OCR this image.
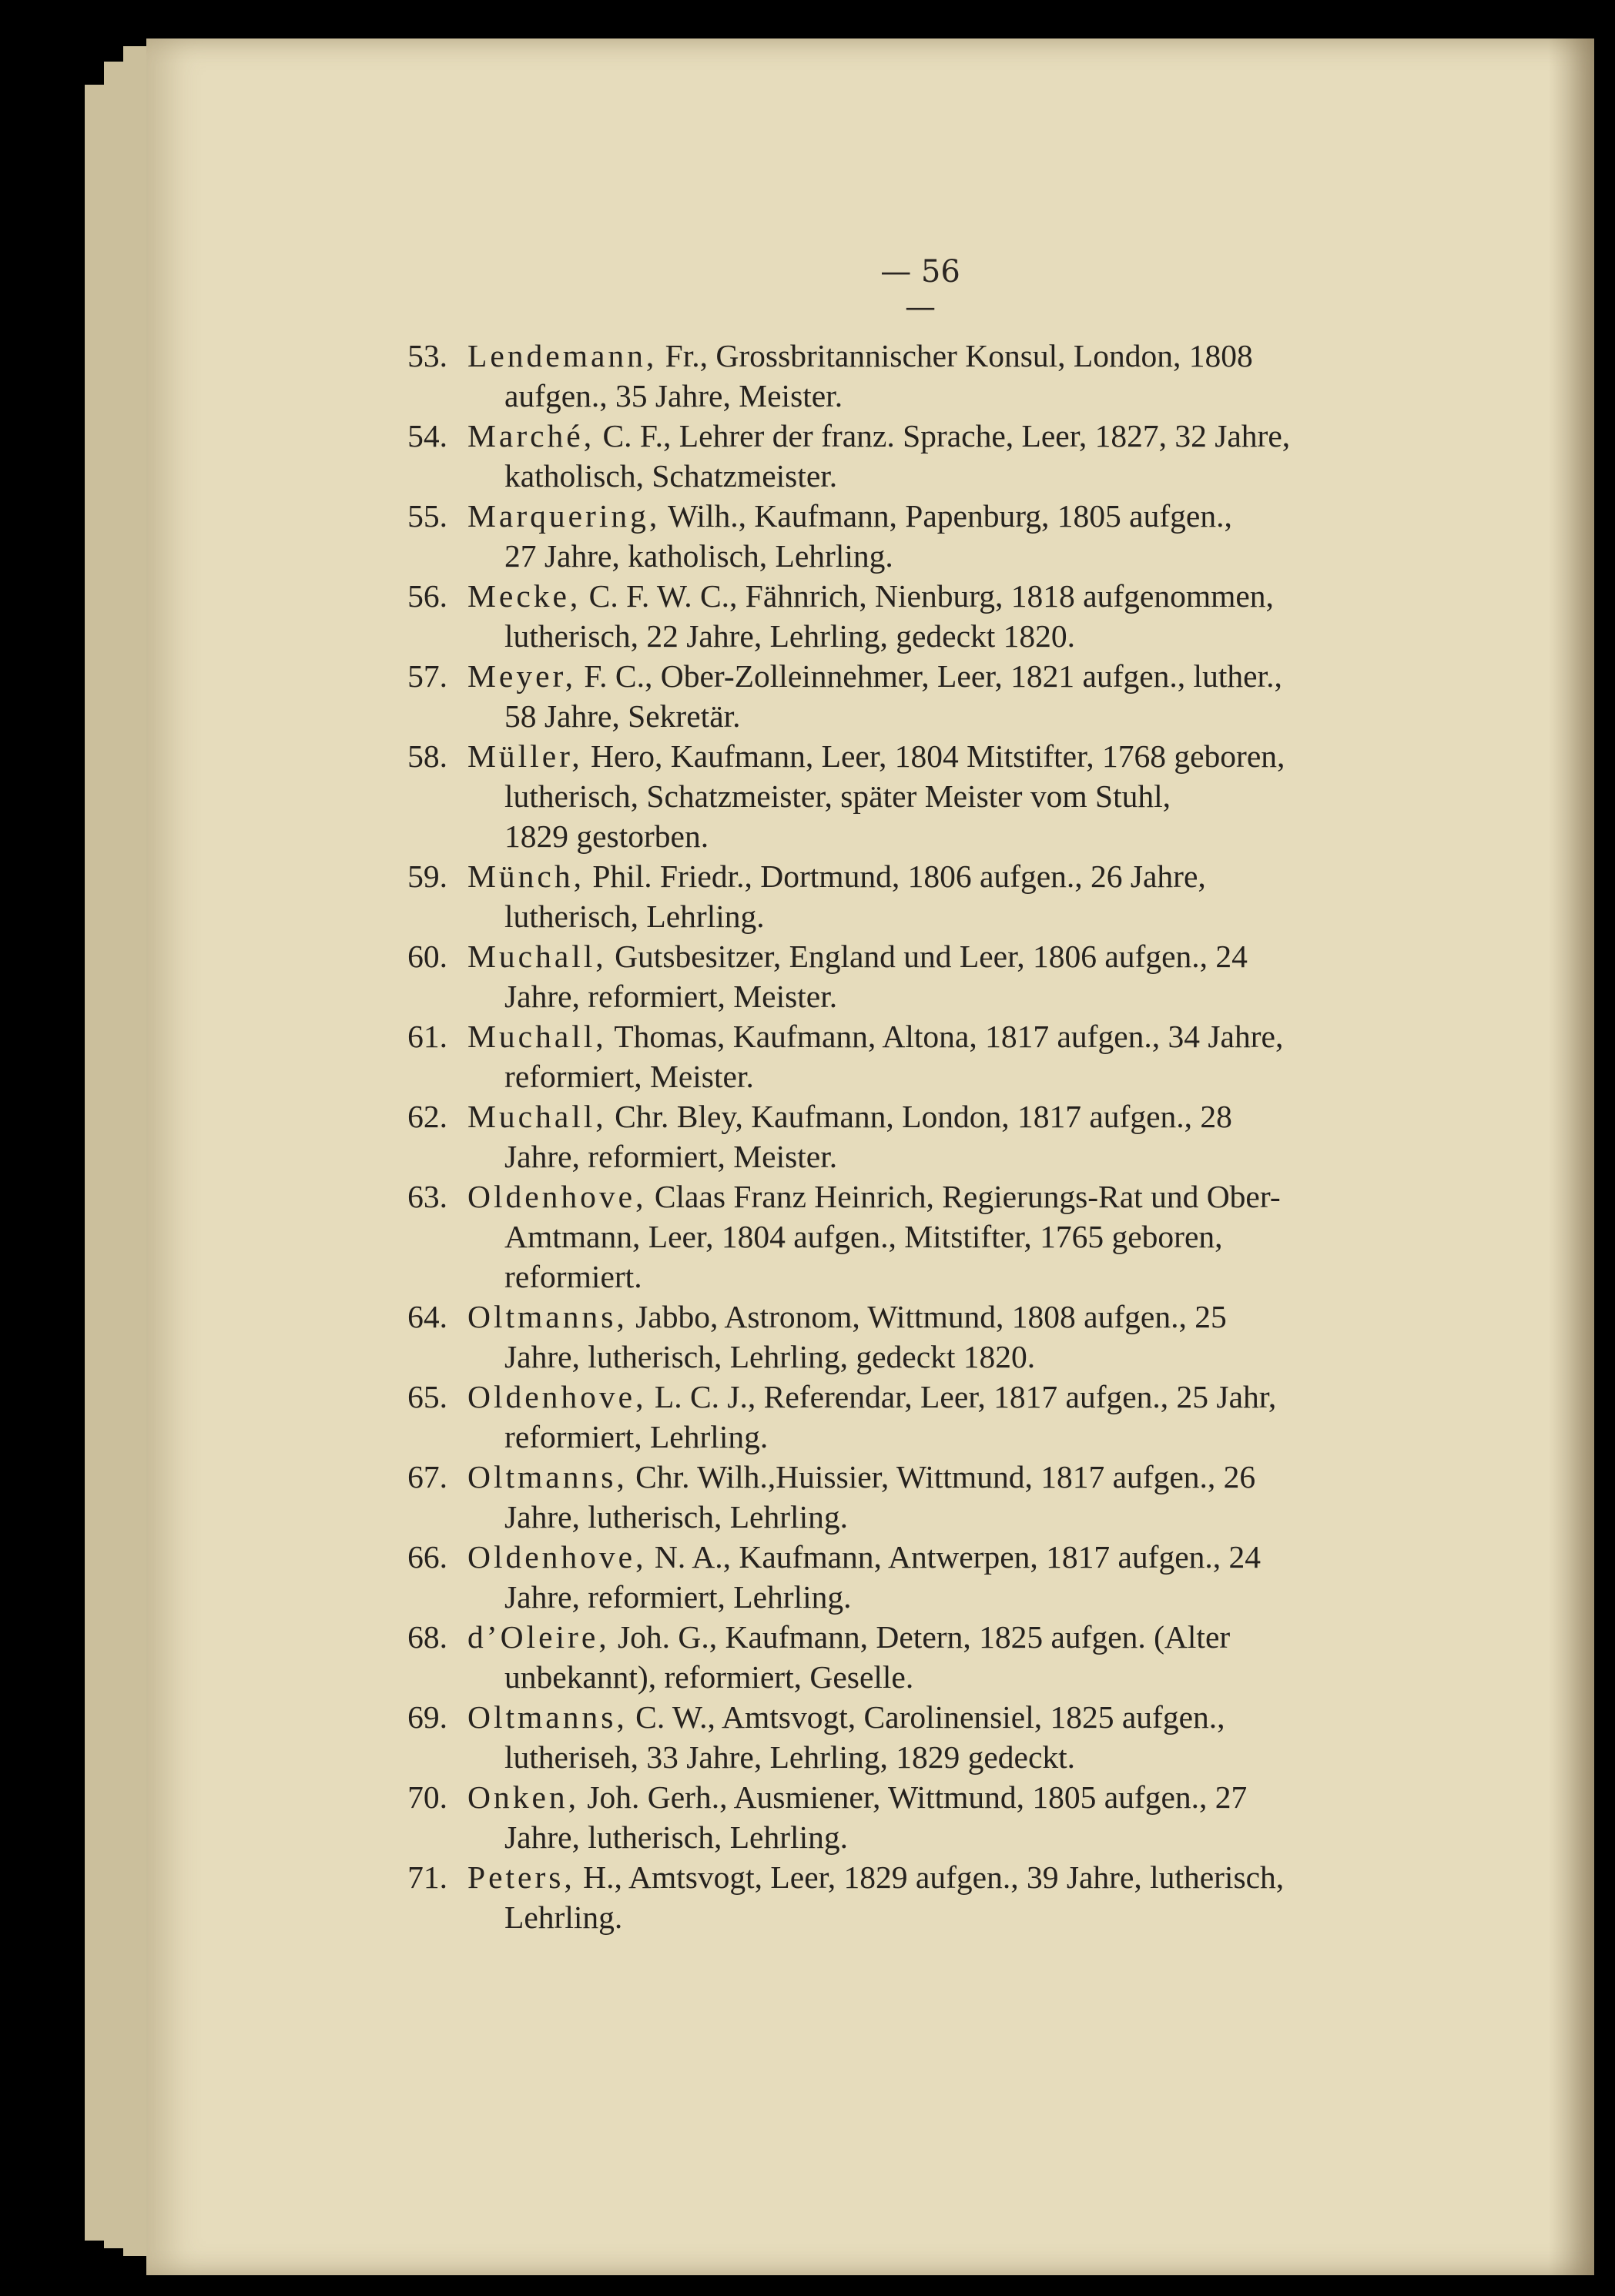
— 56 —
53. Lendemann, Fr., Grossbritannischer Konsul, London, 1808
aufgen., 35 Jahre, Meister.
54. Marché, C. F., Lehrer der franz. Sprache, Leer, 1827, 32 Jahre,
katholisch, Schatzmeister.
55. Marquering, Wilh., Kaufmann, Papenburg, 1805 aufgen.,
27 Jahre, katholisch, Lehrling.
56. Mecke, C. F. W. C., Fähnrich, Nienburg, 1818 aufgenommen,
lutherisch, 22 Jahre, Lehrling, gedeckt 1820.
57. Meyer, F. C., Ober-Zolleinnehmer, Leer, 1821 aufgen., luther.,
58 Jahre, Sekretär.
58. Müller, Hero, Kaufmann, Leer, 1804 Mitstifter, 1768 geboren,
lutherisch, Schatzmeister, später Meister vom Stuhl,
1829 gestorben.
59. Münch, Phil. Friedr., Dortmund, 1806 aufgen., 26 Jahre,
lutherisch, Lehrling.
60. Muchall, Gutsbesitzer, England und Leer, 1806 aufgen., 24
Jahre, reformiert, Meister.
61. Muchall, Thomas, Kaufmann, Altona, 1817 aufgen., 34 Jahre,
reformiert, Meister.
62. Muchall, Chr. Bley, Kaufmann, London, 1817 aufgen., 28
Jahre, reformiert, Meister.
63. Oldenhove, Claas Franz Heinrich, Regierungs-Rat und Ober-
Amtmann, Leer, 1804 aufgen., Mitstifter, 1765 geboren,
reformiert.
64. Oltmanns, Jabbo, Astronom, Wittmund, 1808 aufgen., 25
Jahre, lutherisch, Lehrling, gedeckt 1820.
65. Oldenhove, L. C. J., Referendar, Leer, 1817 aufgen., 25 Jahr,
reformiert, Lehrling.
67. Oltmanns, Chr. Wilh.,Huissier, Wittmund, 1817 aufgen., 26
Jahre, lutherisch, Lehrling.
66. Oldenhove, N. A., Kaufmann, Antwerpen, 1817 aufgen., 24
Jahre, reformiert, Lehrling.
68. d’Oleire, Joh. G., Kaufmann, Detern, 1825 aufgen. (Alter
unbekannt), reformiert, Geselle.
69. Oltmanns, C. W., Amtsvogt, Carolinensiel, 1825 aufgen.,
lutheriseh, 33 Jahre, Lehrling, 1829 gedeckt.
70. Onken, Joh. Gerh., Ausmiener, Wittmund, 1805 aufgen., 27
Jahre, lutherisch, Lehrling.
71. Peters, H., Amtsvogt, Leer, 1829 aufgen., 39 Jahre, lutherisch,
Lehrling.
